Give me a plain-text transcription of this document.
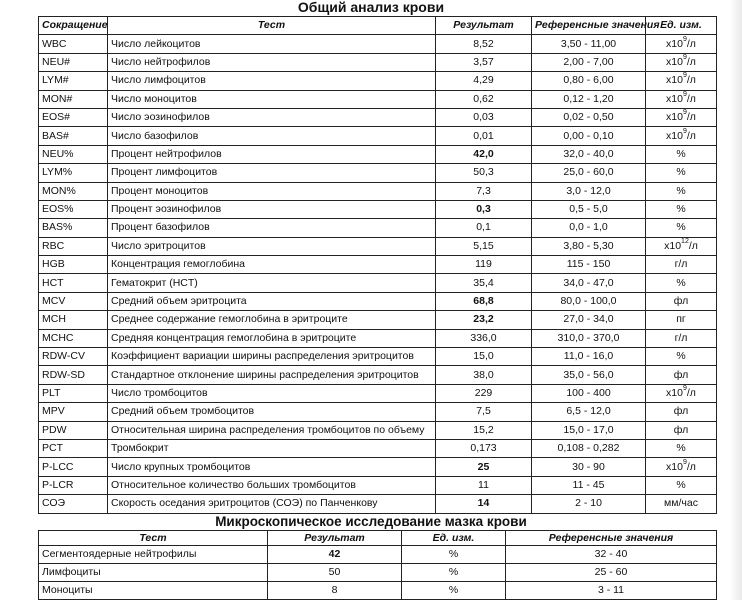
Общий анализ крови
Сокращение	Тест	Результат	Референсные значения	Ед. изм.
WBC	Число лейкоцитов	8,52	3,50 - 11,00	$x10^9/л$
NEU#	Число нейтрофилов	3,57	2,00 - 7,00	$x10^9/л$
LYM#	Число лимфоцитов	4,29	0,80 - 6,00	$x10^9/л$
MON#	Число моноцитов	0,62	0,12 - 1,20	$x10^9/л$
EOS#	Число эозинофилов	0,03	0,02 - 0,50	$x10^9/л$
BAS#	Число базофилов	0,01	0,00 - 0,10	$x10^9/л$
NEU%	Процент нейтрофилов	42,0	32,0 - 40,0	%
LYM%	Процент лимфоцитов	50,3	25,0 - 60,0	%
MON%	Процент моноцитов	7,3	3,0 - 12,0	%
EOS%	Процент эозинофилов	0,3	0,5 - 5,0	%
BAS%	Процент базофилов	0,1	0,0 - 1,0	%
RBC	Число эритроцитов	5,15	3,80 - 5,30	$x10^{12}/л$
HGB	Концентрация гемоглобина	119	115 - 150	г/л
HCT	Гематокрит (HCT)	35,4	34,0 - 47,0	%
MCV	Средний объем эритроцита	68,8	80,0 - 100,0	фл
MCH	Среднее содержание гемоглобина в эритроците	23,2	27,0 - 34,0	пг
MCHC	Средняя концентрация гемоглобина в эритроците	336,0	310,0 - 370,0	г/л
RDW-CV	Коэффициент вариации ширины распределения эритроцитов	15,0	11,0 - 16,0	%
RDW-SD	Стандартное отклонение ширины распределения эритроцитов	38,0	35,0 - 56,0	фл
PLT	Число тромбоцитов	229	100 - 400	$x10^9/л$
MPV	Средний объем тромбоцитов	7,5	6,5 - 12,0	фл
PDW	Относительная ширина распределения тромбоцитов по объему	15,2	15,0 - 17,0	фл
PCT	Тромбокрит	0,173	0,108 - 0,282	%
P-LCC	Число крупных тромбоцитов	25	30 - 90	$x10^9/л$
P-LCR	Относительное количество больших тромбоцитов	11	11 - 45	%
СОЭ	Скорость оседания эритроцитов (СОЭ) по Панченкову	14	2 - 10	мм/час
Микроскопическое исследование мазка крови
Тест	Результат	Ед. изм.	Референсные значения
Сегментоядерные нейтрофилы	42	%	32 - 40
Лимфоциты	50	%	25 - 60
Моноциты	8	%	3 - 11
